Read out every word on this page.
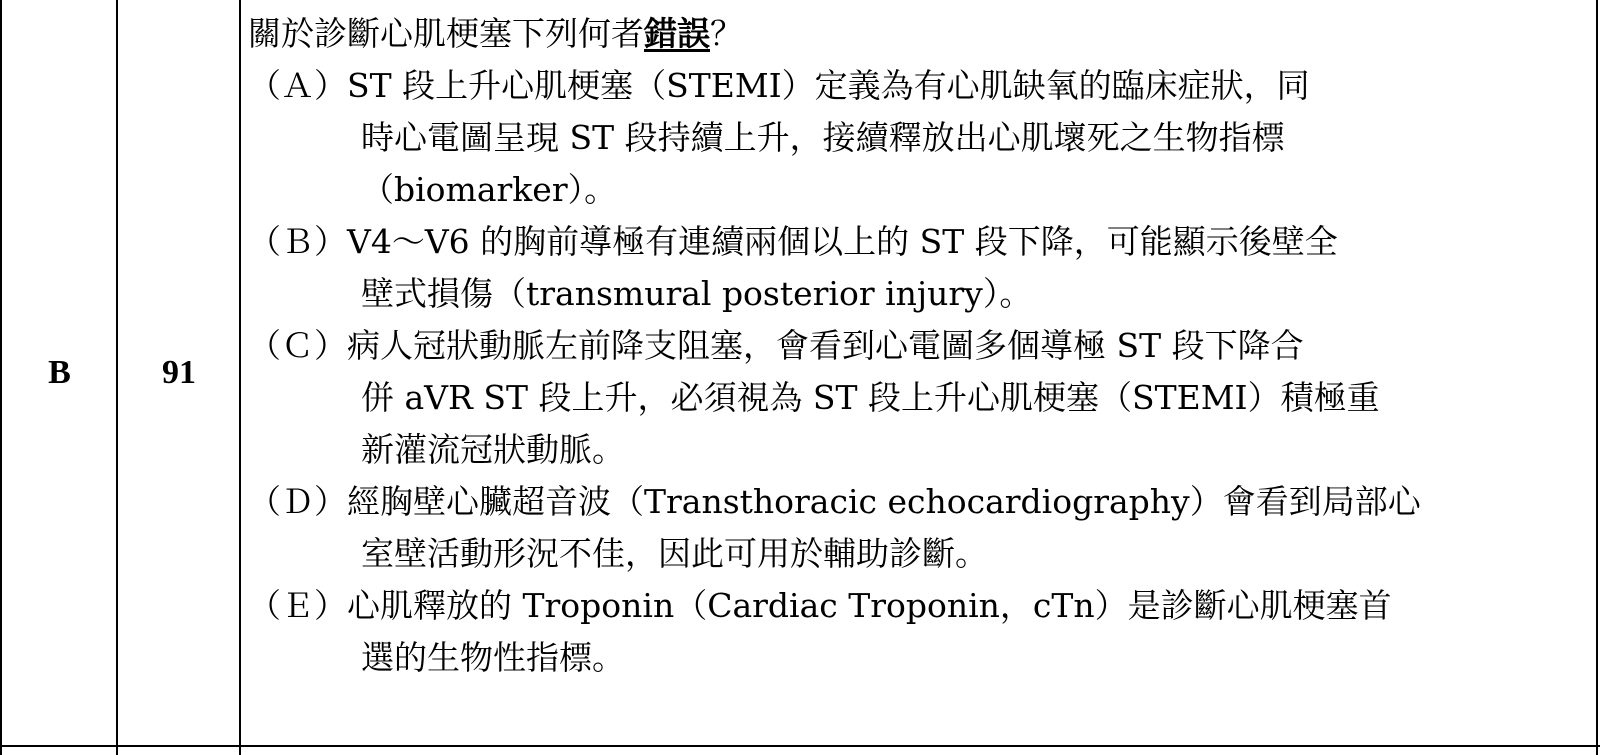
B	91
關於診斷心肌梗塞下列何者錯誤？
（Ａ）ST 段上升心肌梗塞（STEMI）定義為有心肌缺氧的臨床症狀，同
時心電圖呈現 ST 段持續上升，接續釋放出心肌壞死之生物指標
（biomarker）。
（Ｂ）V4～V6 的胸前導極有連續兩個以上的 ST 段下降，可能顯示後壁全
壁式損傷（transmural posterior injury）。
（Ｃ）病人冠狀動脈左前降支阻塞，會看到心電圖多個導極 ST 段下降合
併 aVR ST 段上升，必須視為 ST 段上升心肌梗塞（STEMI）積極重
新灌流冠狀動脈。
（Ｄ）經胸壁心臟超音波（Transthoracic echocardiography）會看到局部心
室壁活動形況不佳，因此可用於輔助診斷。
（Ｅ）心肌釋放的 Troponin（Cardiac Troponin，cTn）是診斷心肌梗塞首
選的生物性指標。
